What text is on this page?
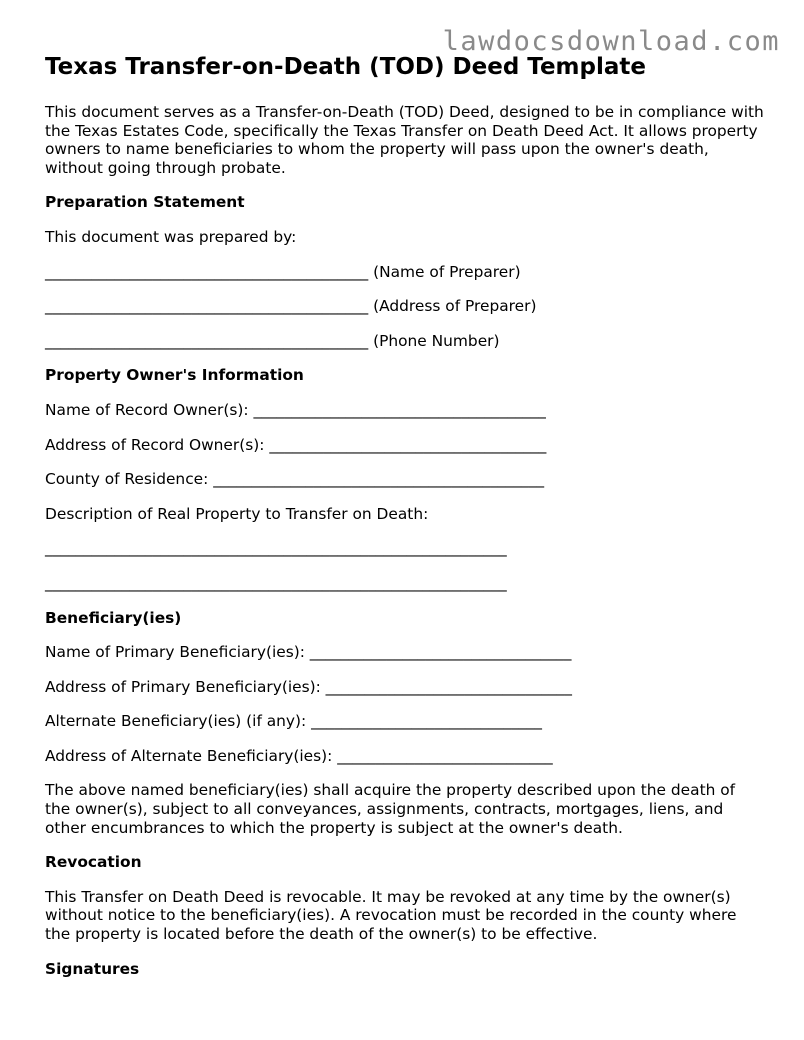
lawdocsdownload.com
Texas Transfer-on-Death (TOD) Deed Template

This document serves as a Transfer-on-Death (TOD) Deed, designed to be in compliance with the Texas Estates Code, specifically the Texas Transfer on Death Deed Act. It allows property owners to name beneficiaries to whom the property will pass upon the owner's death, without going through probate.

Preparation Statement

This document was prepared by:

__________________________________________ (Name of Preparer)

__________________________________________ (Address of Preparer)

__________________________________________ (Phone Number)

Property Owner's Information

Name of Record Owner(s): ______________________________________

Address of Record Owner(s): ____________________________________

County of Residence: ___________________________________________

Description of Real Property to Transfer on Death:

____________________________________________________________

____________________________________________________________

Beneficiary(ies)

Name of Primary Beneficiary(ies): __________________________________

Address of Primary Beneficiary(ies): ________________________________

Alternate Beneficiary(ies) (if any): ______________________________

Address of Alternate Beneficiary(ies): ____________________________

The above named beneficiary(ies) shall acquire the property described upon the death of the owner(s), subject to all conveyances, assignments, contracts, mortgages, liens, and other encumbrances to which the property is subject at the owner's death.

Revocation

This Transfer on Death Deed is revocable. It may be revoked at any time by the owner(s) without notice to the beneficiary(ies). A revocation must be recorded in the county where the property is located before the death of the owner(s) to be effective.

Signatures
